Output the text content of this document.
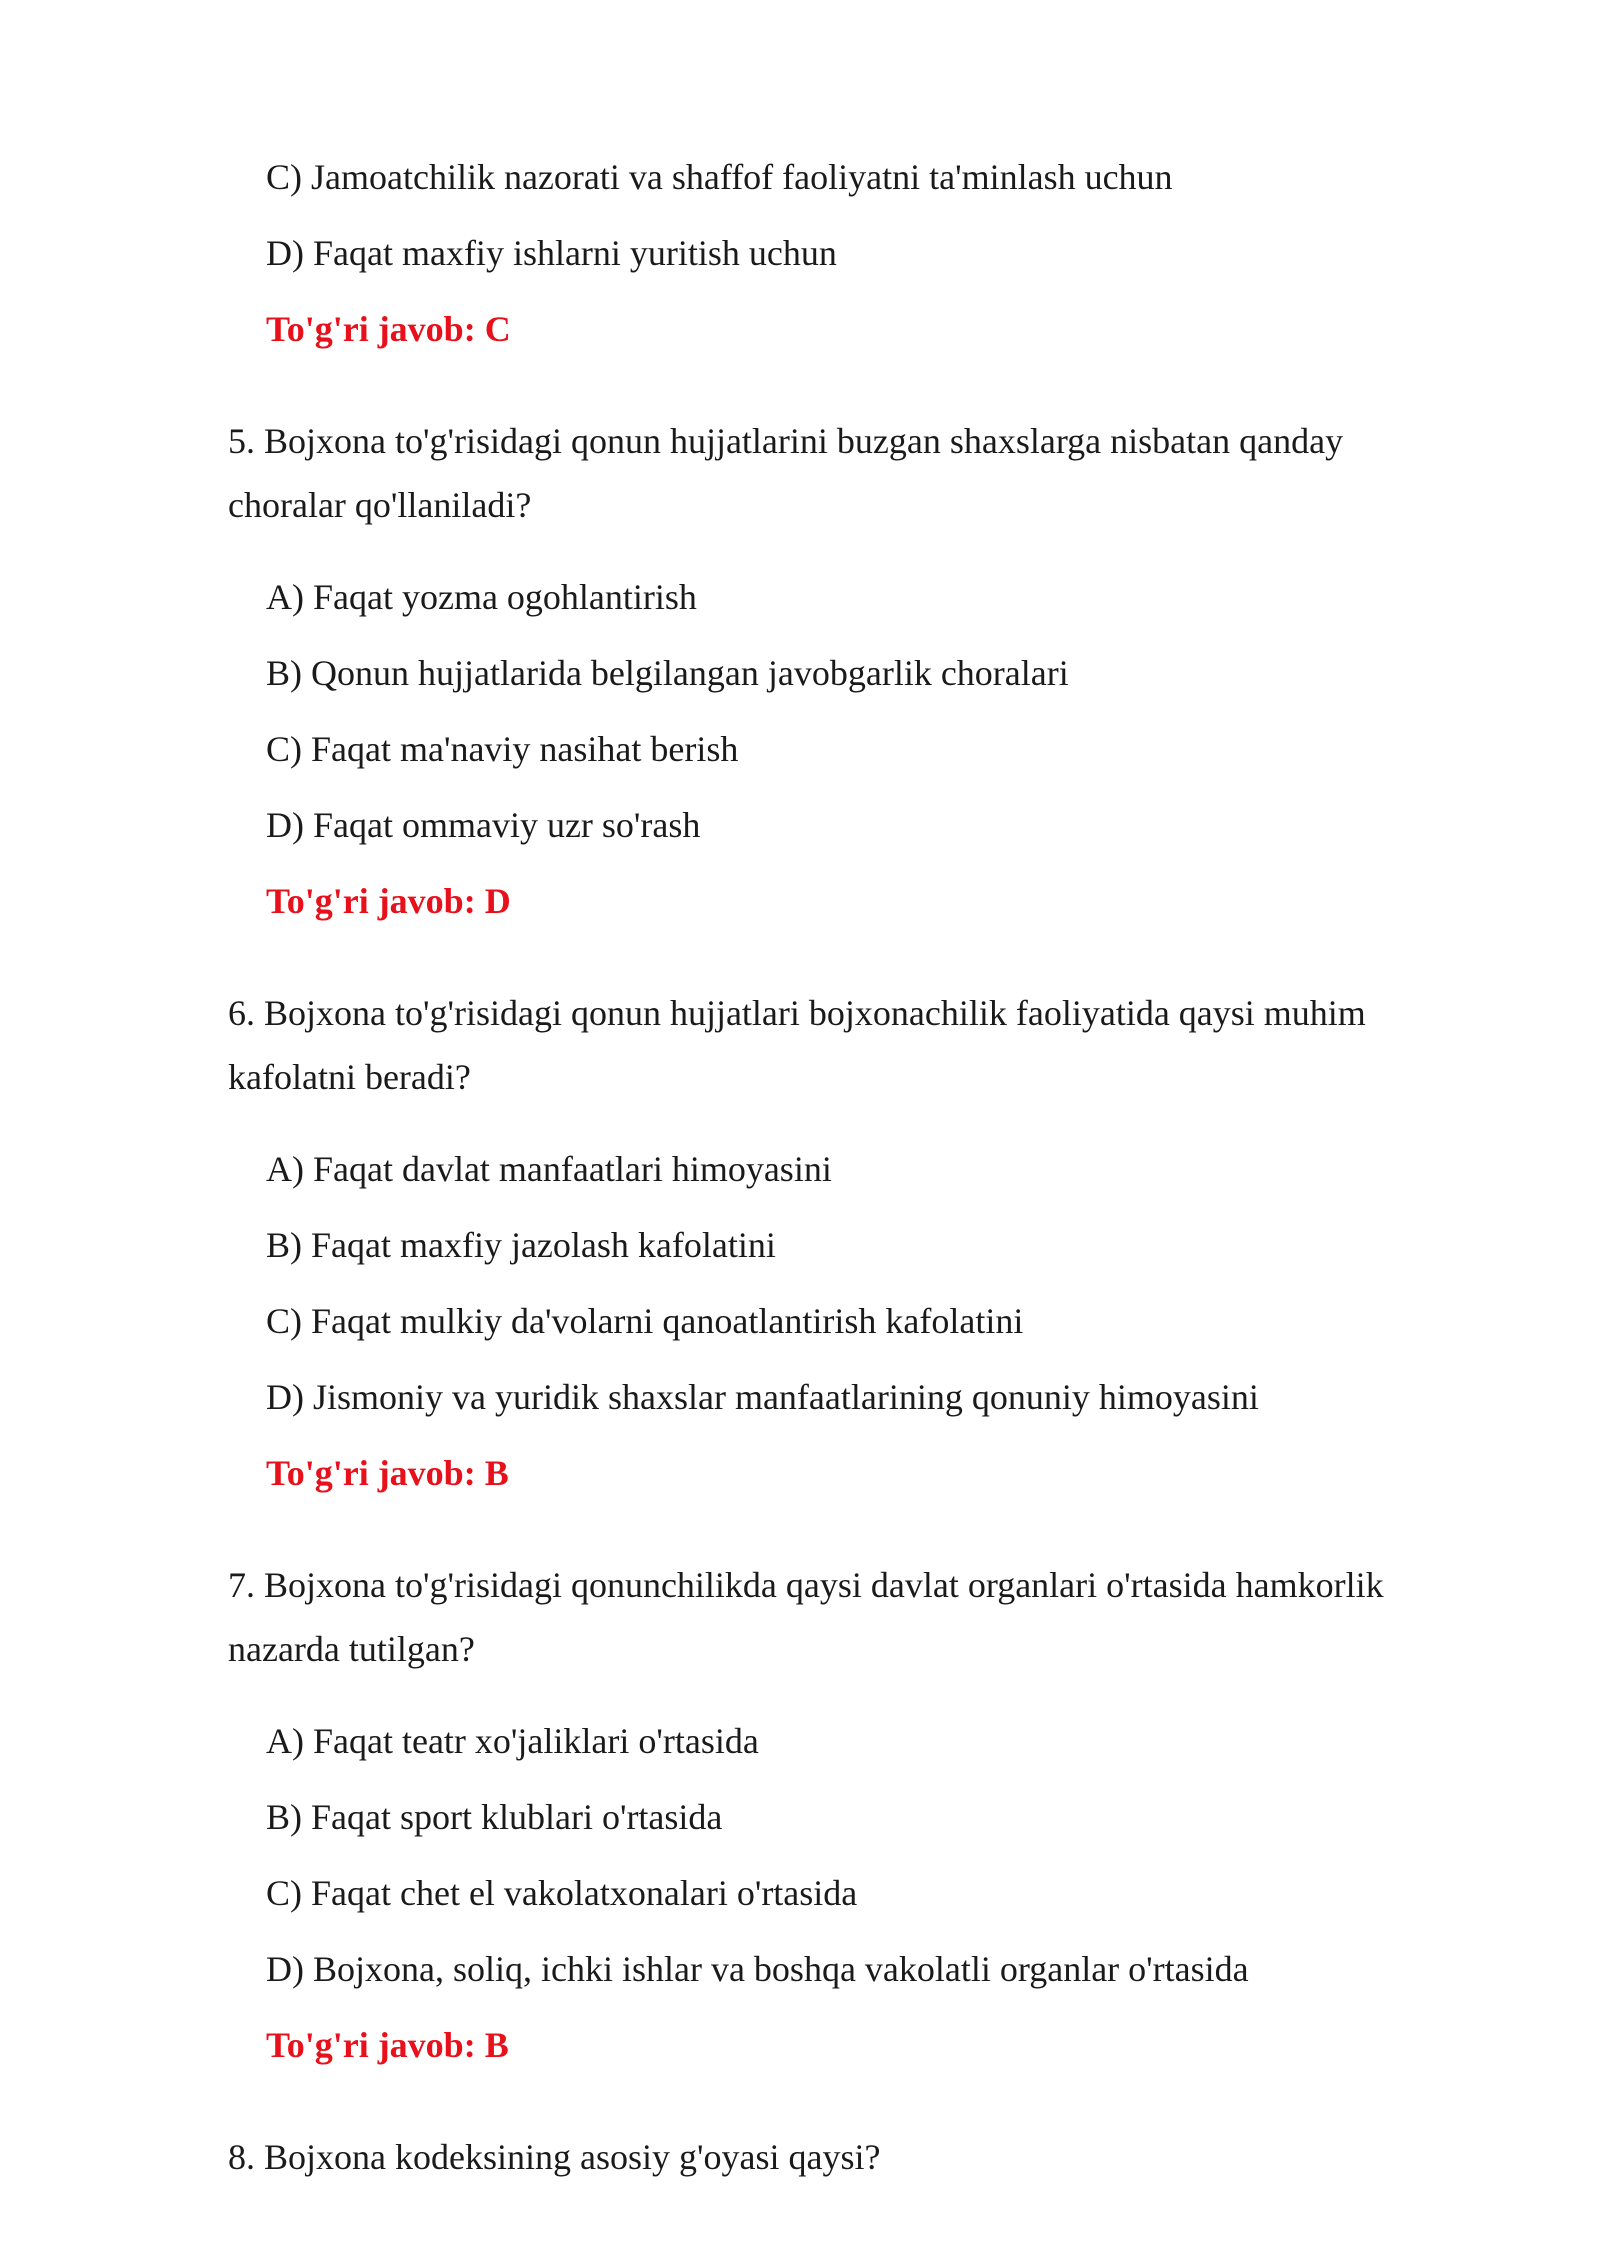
C) Jamoatchilik nazorati va shaffof faoliyatni ta'minlash uchun

D) Faqat maxfiy ishlarni yuritish uchun

To'g'ri javob: C

5. Bojxona to'g'risidagi qonun hujjatlarini buzgan shaxslarga nisbatan qanday choralar qo'llaniladi?

A) Faqat yozma ogohlantirish

B) Qonun hujjatlarida belgilangan javobgarlik choralari

C) Faqat ma'naviy nasihat berish

D) Faqat ommaviy uzr so'rash

To'g'ri javob: D

6. Bojxona to'g'risidagi qonun hujjatlari bojxonachilik faoliyatida qaysi muhim kafolatni beradi?

A) Faqat davlat manfaatlari himoyasini

B) Faqat maxfiy jazolash kafolatini

C) Faqat mulkiy da'volarni qanoatlantirish kafolatini

D) Jismoniy va yuridik shaxslar manfaatlarining qonuniy himoyasini

To'g'ri javob: B

7. Bojxona to'g'risidagi qonunchilikda qaysi davlat organlari o'rtasida hamkorlik nazarda tutilgan?

A) Faqat teatr xo'jaliklari o'rtasida

B) Faqat sport klublari o'rtasida

C) Faqat chet el vakolatxonalari o'rtasida

D) Bojxona, soliq, ichki ishlar va boshqa vakolatli organlar o'rtasida

To'g'ri javob: B

8. Bojxona kodeksining asosiy g'oyasi qaysi?
